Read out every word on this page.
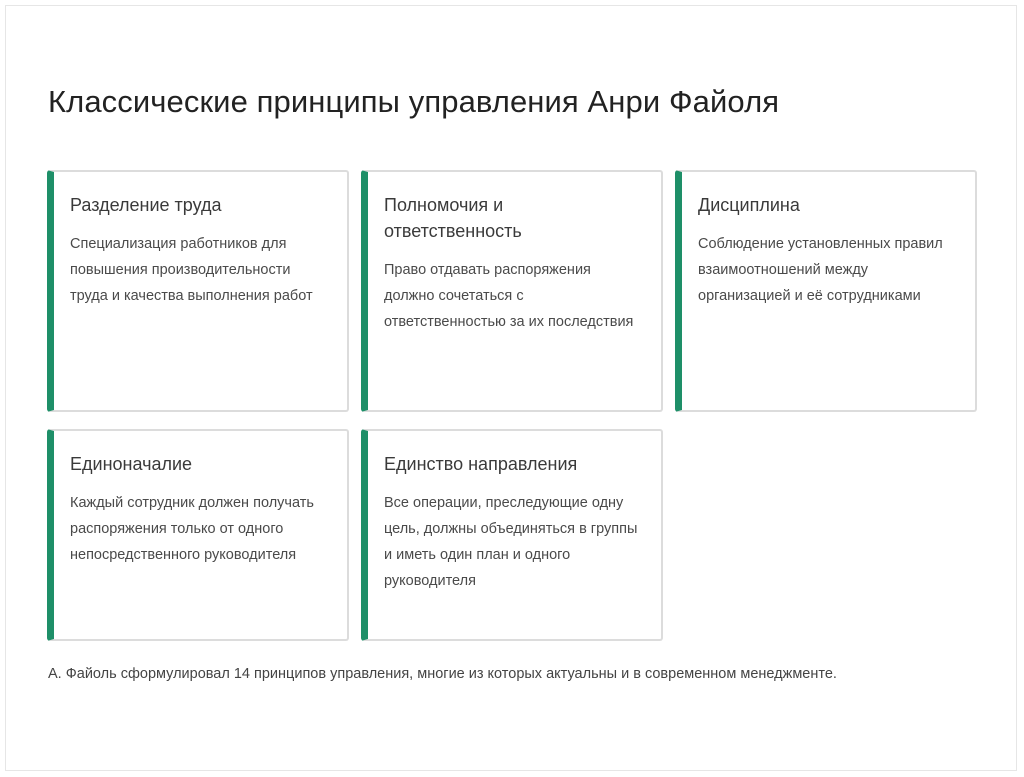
Классические принципы управления Анри Файоля

Разделение труда

Специализация работников для повышения производительности труда и качества выполнения работ

Полномочия и ответственность

Право отдавать распоряжения должно сочетаться с ответственностью за их последствия

Дисциплина

Соблюдение установленных правил взаимоотношений между организацией и её сотрудниками

Единоначалие

Каждый сотрудник должен получать распоряжения только от одного непосредственного руководителя

Единство направления

Все операции, преследующие одну цель, должны объединяться в группы и иметь один план и одного руководителя

А. Файоль сформулировал 14 принципов управления, многие из которых актуальны и в современном менеджменте.
